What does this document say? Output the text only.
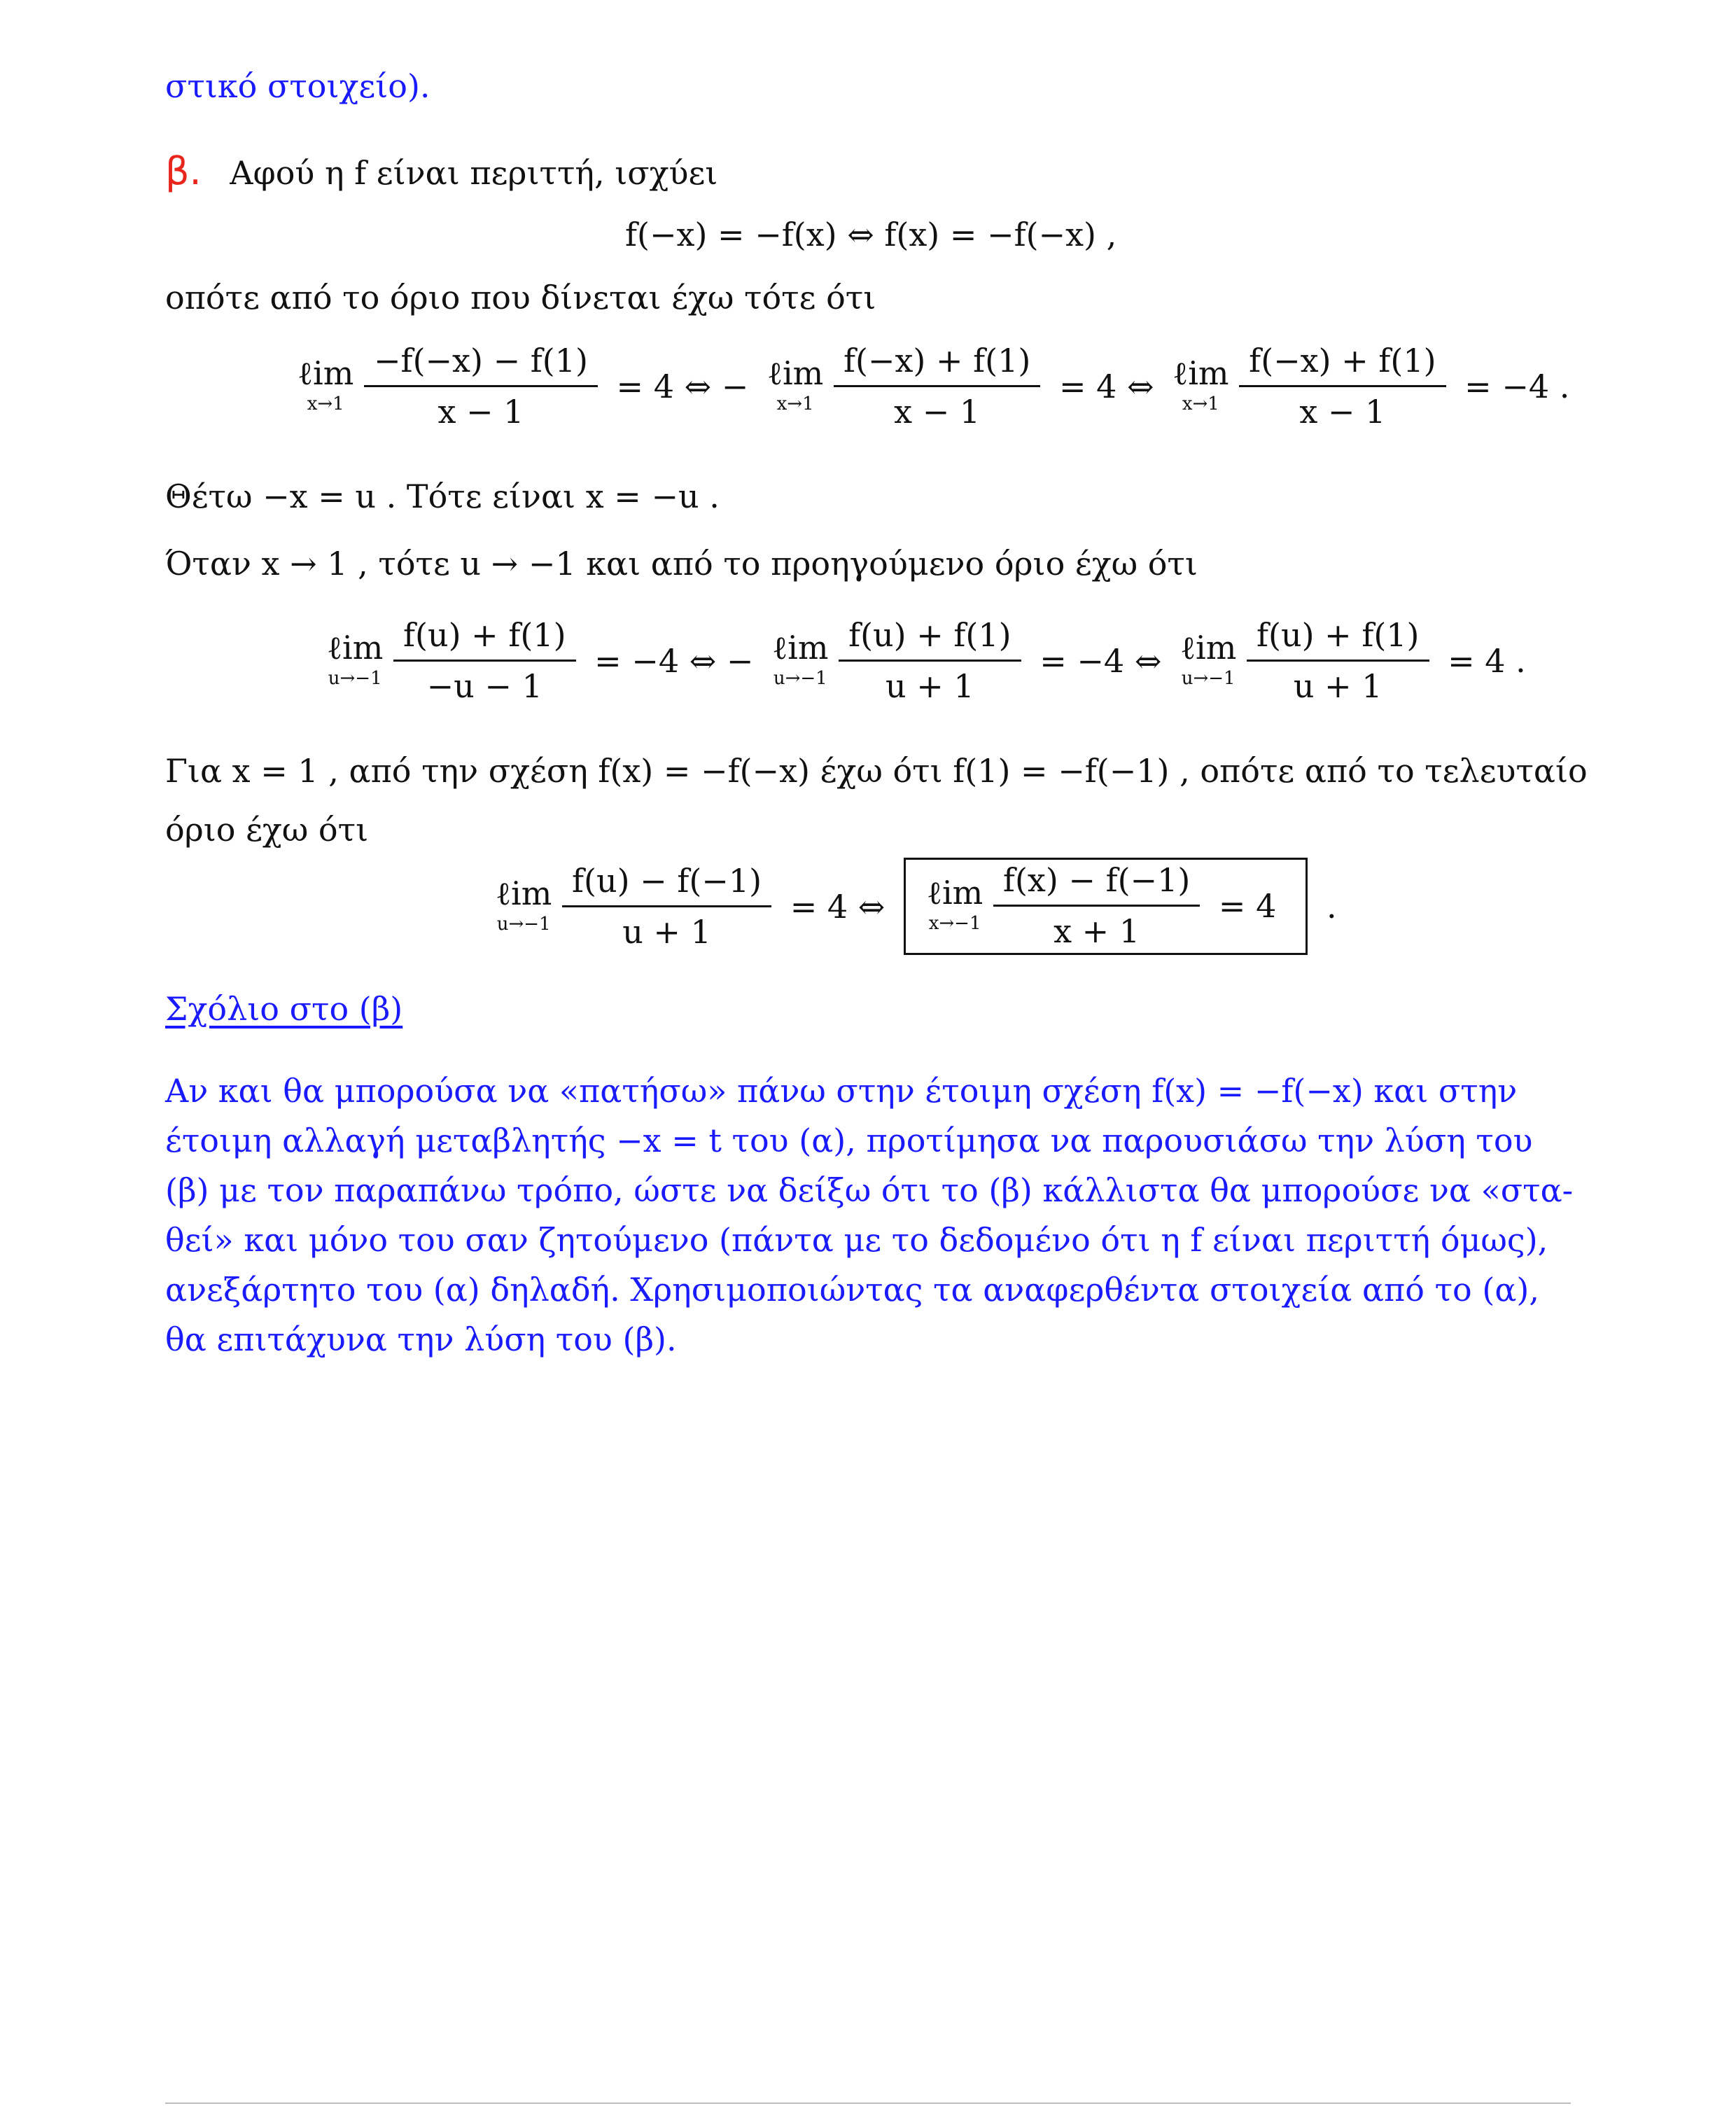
στικό στοιχείο).
β. Αφού η f είναι περιττή, ισχύει
f(−x) = −f(x) ⇔ f(x) = −f(−x) ,
οπότε από το όριο που δίνεται έχω τότε ότι
ℓim
x→1
$\frac{-f(-x) - f(1)}{x - 1} = 4$ ⇔ − ℓim
x→1
$\frac{f(-x) + f(1)}{x - 1} = 4$ ⇔ ℓim
x→1
$\frac{f(-x) + f(1)}{x - 1} = -4$ .
Θέτω −x = u . Τότε είναι x = −u .
Όταν x → 1 , τότε u → −1 και από το προηγούμενο όριο έχω ότι
ℓim
u→−1
$\frac{f(u) + f(1)}{-u - 1} = -4$ ⇔ − ℓim
u→−1
$\frac{f(u) + f(1)}{u + 1} = -4$ ⇔ ℓim
u→−1
$\frac{f(u) + f(1)}{u + 1} = 4$ .
Για x = 1 , από την σχέση f(x) = −f(−x) έχω ότι f(1) = −f(−1) , οπότε από το τελευταίο
όριο έχω ότι
ℓim
u→−1
$\frac{f(u) - f(-1)}{u + 1} = 4$ ⇔ ℓim
x→−1
$\frac{f(x) - f(-1)}{x + 1} = 4$ .
Σχόλιο στο (β)
Αν και θα μπορούσα να «πατήσω» πάνω στην έτοιμη σχέση f(x) = −f(−x) και στην
έτοιμη αλλαγή μεταβλητής −x = t του (α), προτίμησα να παρουσιάσω την λύση του
(β) με τον παραπάνω τρόπο, ώστε να δείξω ότι το (β) κάλλιστα θα μπορούσε να «στα-
θεί» και μόνο του σαν ζητούμενο (πάντα με το δεδομένο ότι η f είναι περιττή όμως),
ανεξάρτητο του (α) δηλαδή. Χρησιμοποιώντας τα αναφερθέντα στοιχεία από το (α),
θα επιτάχυνα την λύση του (β).
